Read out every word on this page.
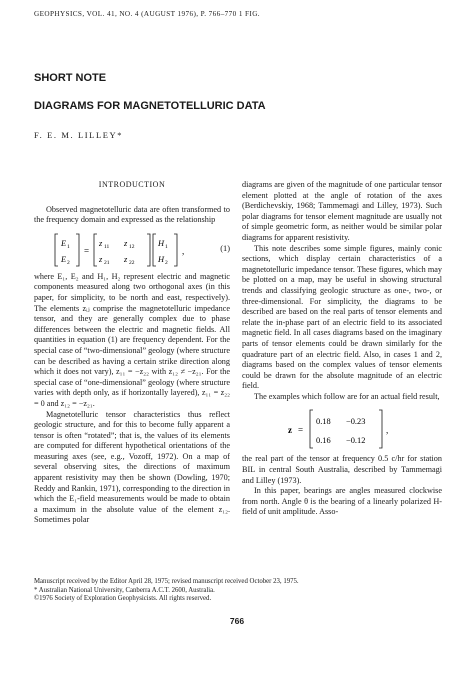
GEOPHYSICS, VOL. 41, NO. 4 (AUGUST 1976), P. 766–770 1 FIG.
SHORT NOTE
DIAGRAMS FOR MAGNETOTELLURIC DATA
F. E. M. LILLEY*

INTRODUCTION

Observed magnetotelluric data are often transformed to the frequency domain and expressed as the relationship

E 1
E 2
=
z 11 z 12
z 21 z 22
H 1
H 2
,	(1)

where E₁, E₂ and H₁, H₂ represent electric and magnetic components measured along two orthogonal axes (in this paper, for simplicity, to be north and east, respectively). The elements zᵢⱼ comprise the magnetotelluric impedance tensor, and they are generally complex due to phase differences between the electric and magnetic fields. All quantities in equation (1) are frequency dependent. For the special case of “two-dimensional” geology (where structure can be described as having a certain strike direction along which it does not vary), z₁₁ = −z₂₂ with z₁₂ ≠ −z₂₁. For the special case of “one-dimensional” geology (where structure varies with depth only, as if horizontally layered), z₁₁ = z₂₂ = 0 and z₁₂ = −z₂₁.

Magnetotelluric tensor characteristics thus reflect geologic structure, and for this to become fully apparent a tensor is often “rotated”; that is, the values of its elements are computed for different hypothetical orientations of the measuring axes (see, e.g., Vozoff, 1972). On a map of several observing sites, the directions of maximum apparent resistivity may then be shown (Dowling, 1970; Reddy and Rankin, 1971), corresponding to the direction in which the E₁-field measurements would be made to obtain a maximum in the absolute value of the element z₁₂. Sometimes polar

diagrams are given of the magnitude of one particular tensor element plotted at the angle of rotation of the axes (Berdichevskiy, 1968; Tammemagi and Lilley, 1973). Such polar diagrams for tensor element magnitude are usually not of simple geometric form, as neither would be similar polar diagrams for apparent resistivity.

This note describes some simple figures, mainly conic sections, which display certain characteristics of a magnetotelluric impedance tensor. These figures, which may be plotted on a map, may be useful in showing structural trends and classifying geologic structure as one-, two-, or three-dimensional. For simplicity, the diagrams to be described are based on the real parts of tensor elements and relate the in-phase part of an electric field to its associated magnetic field. In all cases diagrams based on the imaginary parts of tensor elements could be drawn similarly for the quadrature part of an electric field. Also, in cases 1 and 2, diagrams based on the complex values of tensor elements could be drawn for the absolute magnitude of an electric field.

The examples which follow are for an actual field result,

z =
0.18 −0.23
0.16 −0.12
,

the real part of the tensor at frequency 0.5 c/hr for station BIL in central South Australia, described by Tammemagi and Lilley (1973).

In this paper, bearings are angles measured clockwise from north. Angle θ is the bearing of a linearly polarized H-field of unit amplitude. Asso-

Manuscript received by the Editor April 28, 1975; revised manuscript received October 23, 1975.
* Australian National University, Canberra A.C.T. 2600, Australia.
©1976 Society of Exploration Geophysicists. All rights reserved.
766
